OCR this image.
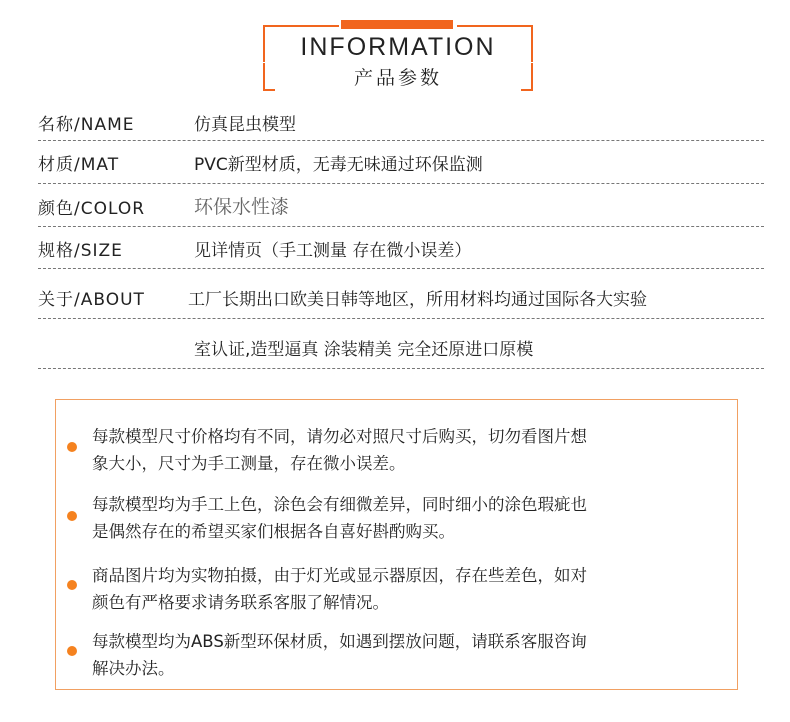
INFORMATION
产品参数
名称/NAME	仿真昆虫模型
材质/MAT	PVC新型材质，无毒无味通过环保监测
颜色/COLOR	环保水性漆
规格/SIZE	见详情页（手工测量 存在微小误差）
关于/ABOUT	工厂长期出口欧美日韩等地区，所用材料均通过国际各大实验
室认证,造型逼真 涂装精美 完全还原进口原模
每款模型尺寸价格均有不同，请勿必对照尺寸后购买，切勿看图片想
象大小，尺寸为手工测量，存在微小误差。
每款模型均为手工上色，涂色会有细微差异，同时细小的涂色瑕疵也
是偶然存在的希望买家们根据各自喜好斟酌购买。
商品图片均为实物拍摄，由于灯光或显示器原因，存在些差色，如对
颜色有严格要求请务联系客服了解情况。
每款模型均为ABS新型环保材质，如遇到摆放问题，请联系客服咨询
解决办法。
